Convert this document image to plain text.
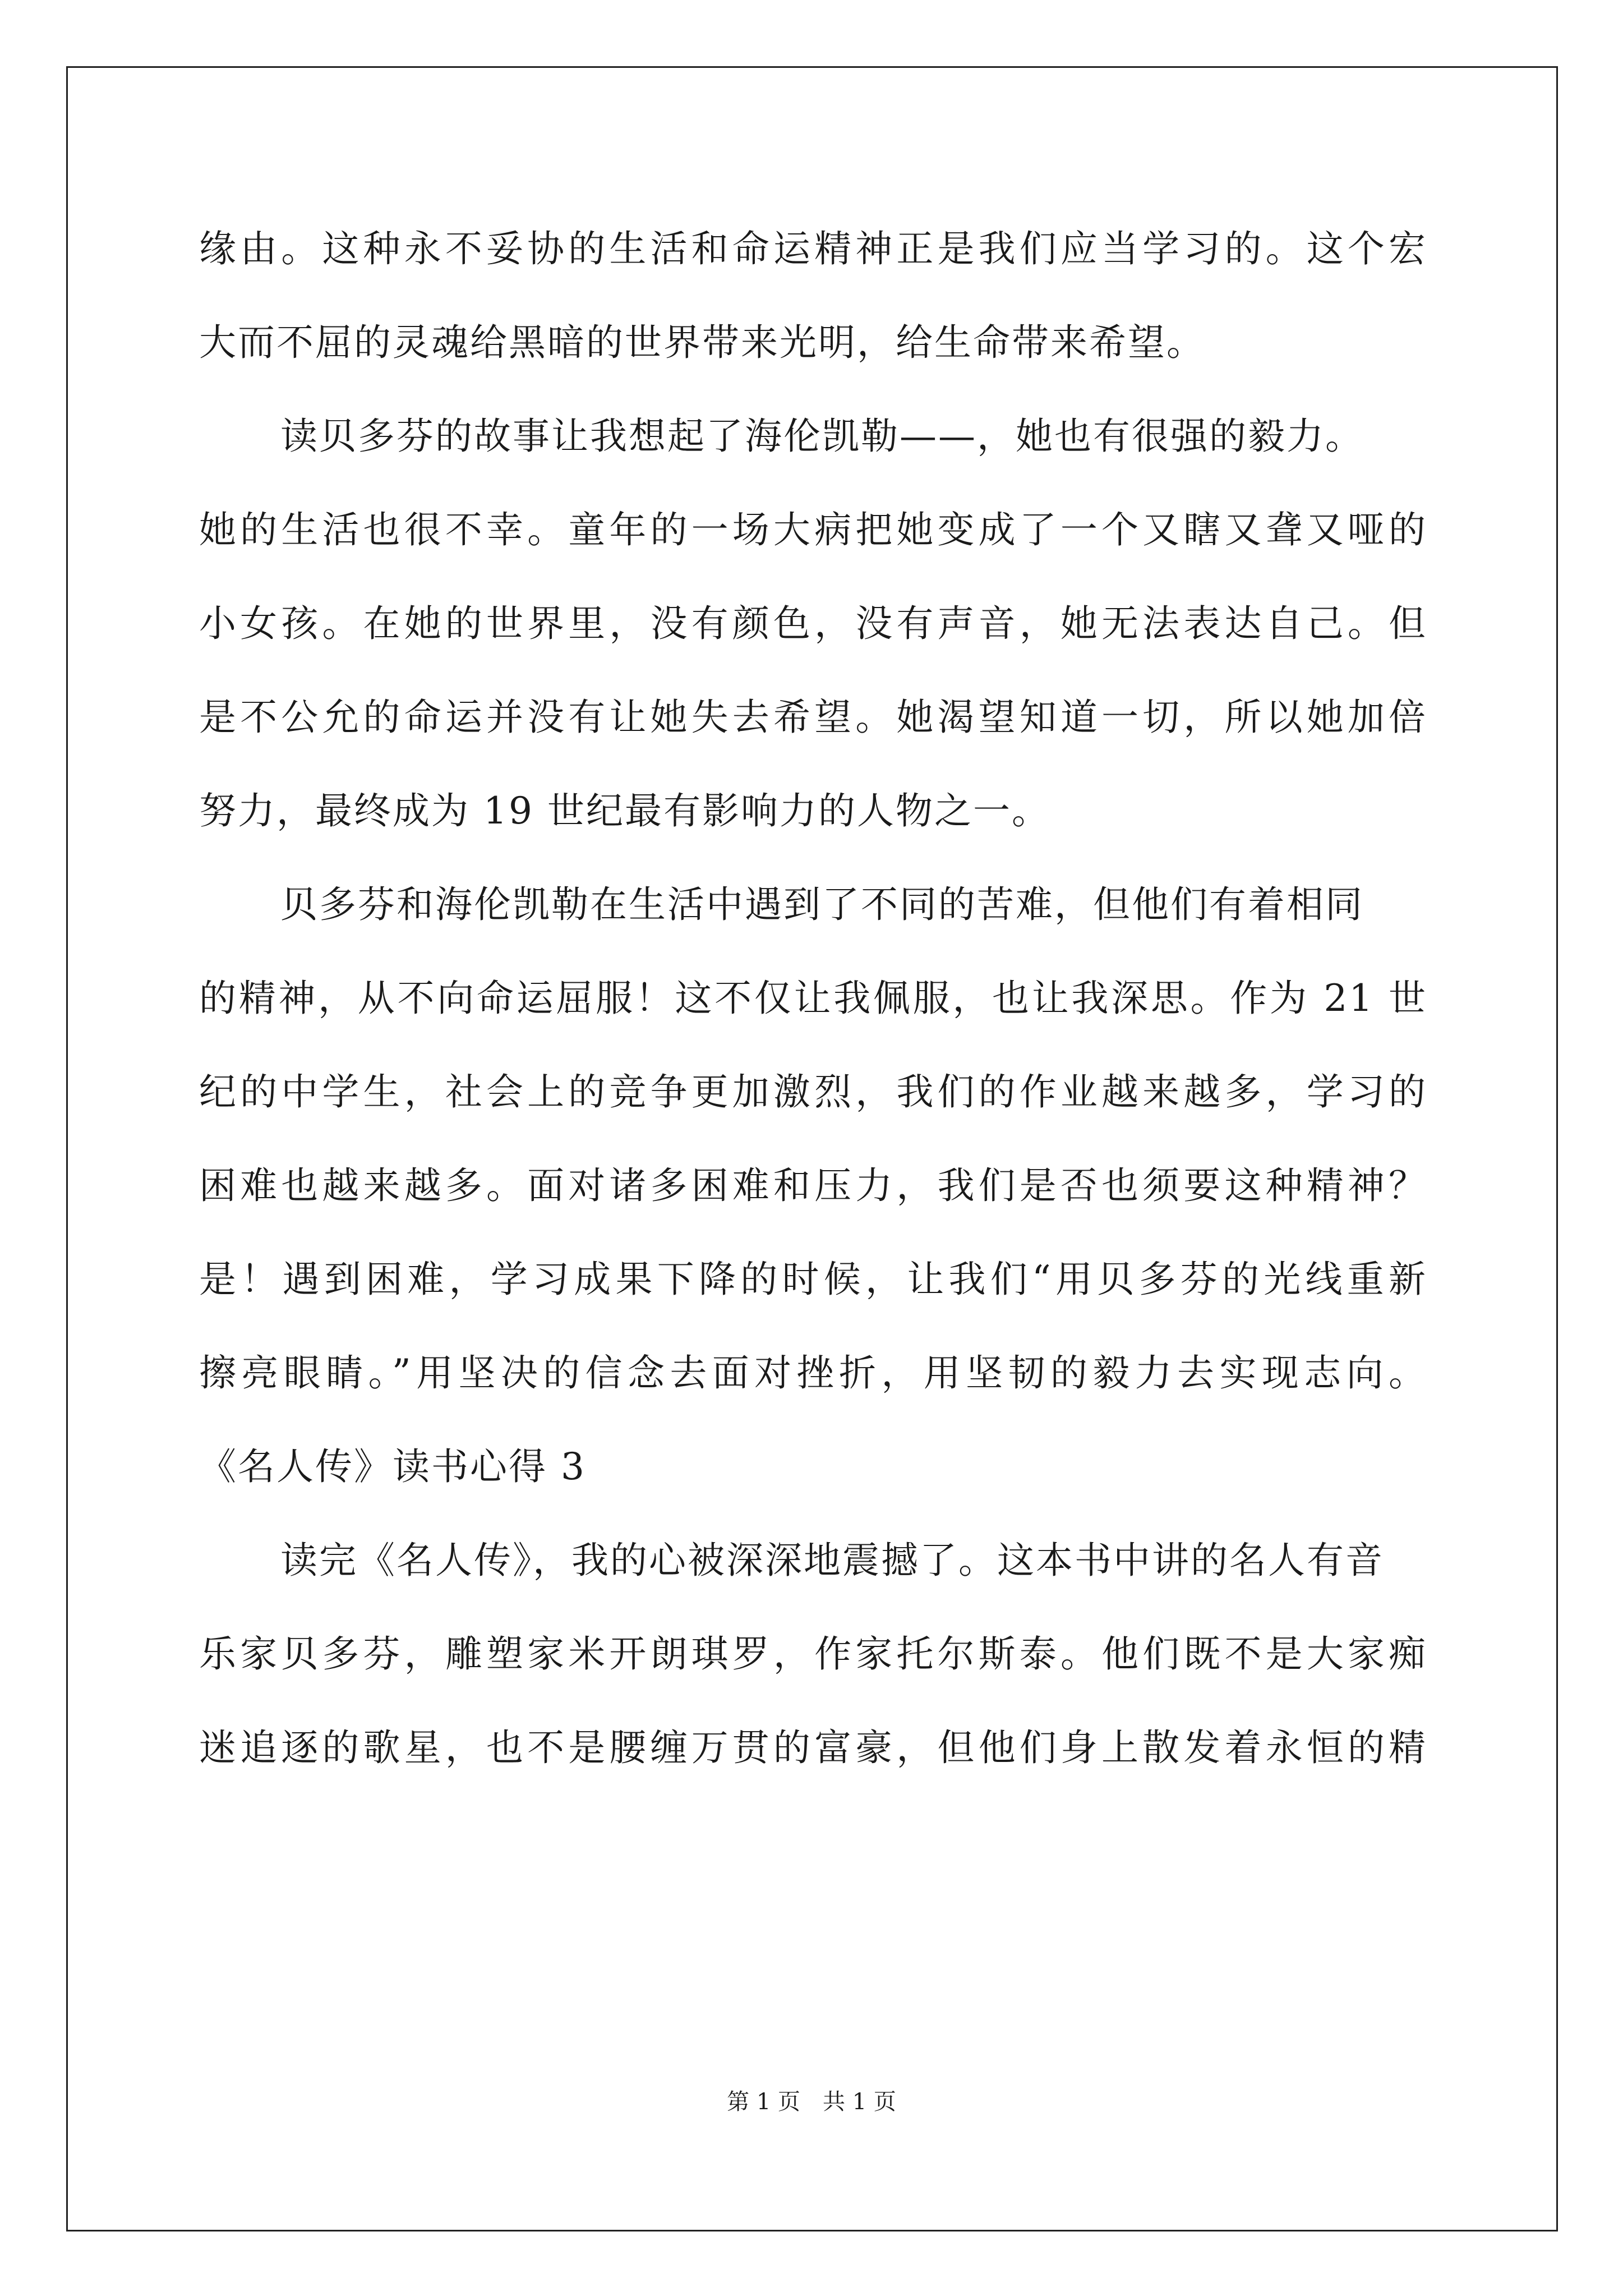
缘由。这种永不妥协的生活和命运精神正是我们应当学习的。这个宏
大而不屈的灵魂给黑暗的世界带来光明，给生命带来希望。
读贝多芬的故事让我想起了海伦凯勒——，她也有很强的毅力。
她的生活也很不幸。童年的一场大病把她变成了一个又瞎又聋又哑的
小女孩。在她的世界里，没有颜色，没有声音，她无法表达自己。但
是不公允的命运并没有让她失去希望。她渴望知道一切，所以她加倍
努力，最终成为 19 世纪最有影响力的人物之一。
贝多芬和海伦凯勒在生活中遇到了不同的苦难，但他们有着相同
的精神，从不向命运屈服！这不仅让我佩服，也让我深思。作为 21 世
纪的中学生，社会上的竞争更加激烈，我们的作业越来越多，学习的
困难也越来越多。面对诸多困难和压力，我们是否也须要这种精神？
是！遇到困难，学习成果下降的时候，让我们“用贝多芬的光线重新
擦亮眼睛。”用坚决的信念去面对挫折，用坚韧的毅力去实现志向。
《名人传》读书心得 3
读完《名人传》，我的心被深深地震撼了。这本书中讲的名人有音
乐家贝多芬，雕塑家米开朗琪罗，作家托尔斯泰。他们既不是大家痴
迷追逐的歌星，也不是腰缠万贯的富豪，但他们身上散发着永恒的精
第 1 页　共 1 页
